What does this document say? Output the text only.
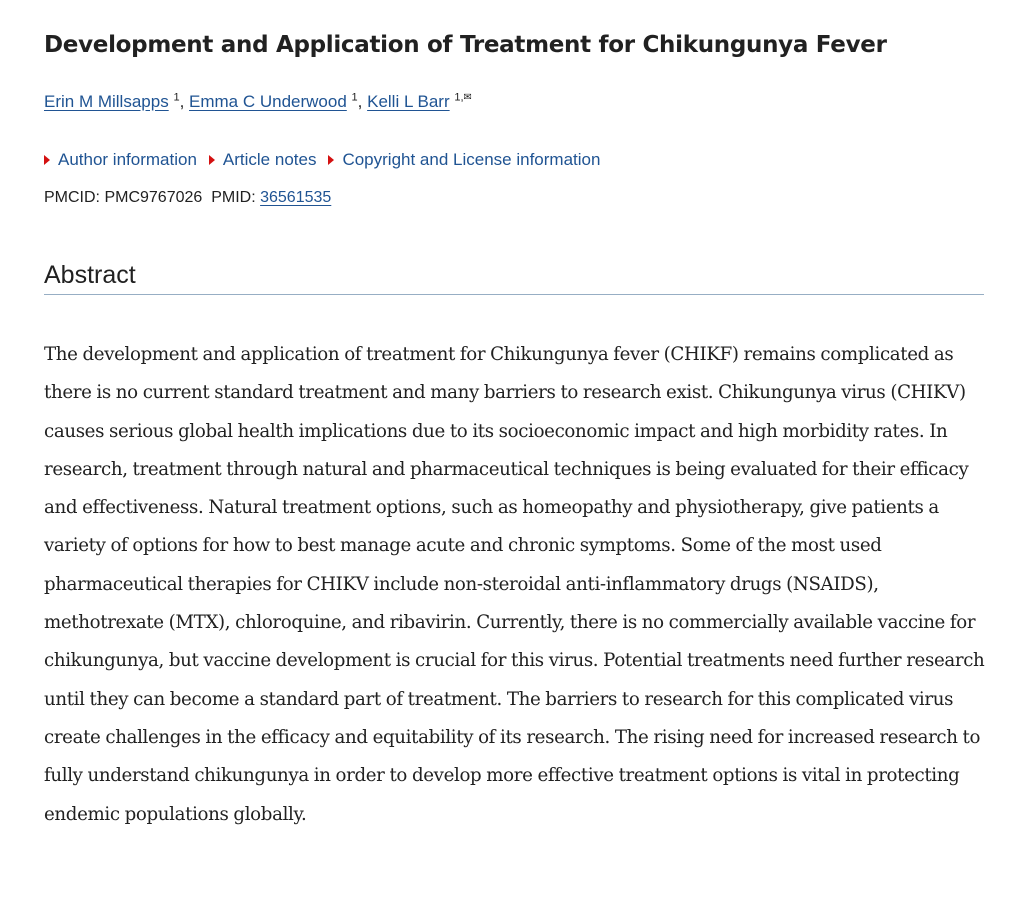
Development and Application of Treatment for Chikungunya Fever
Erin M Millsapps $^1$, Emma C Underwood $^1$, Kelli L Barr $^{1,}$✉
Author information Article notes Copyright and License information
PMCID: PMC9767026 PMID: 36561535
Abstract

The development and application of treatment for Chikungunya fever (CHIKF) remains complicated as there is no current standard treatment and many barriers to research exist. Chikungunya virus (CHIKV) causes serious global health implications due to its socioeconomic impact and high morbidity rates. In research, treatment through natural and pharmaceutical techniques is being evaluated for their efficacy and effectiveness. Natural treatment options, such as homeopathy and physiotherapy, give patients a variety of options for how to best manage acute and chronic symptoms. Some of the most used pharmaceutical therapies for CHIKV include non-steroidal anti-inflammatory drugs (NSAIDS), methotrexate (MTX), chloroquine, and ribavirin. Currently, there is no commercially available vaccine for chikungunya, but vaccine development is crucial for this virus. Potential treatments need further research until they can become a standard part of treatment. The barriers to research for this complicated virus create challenges in the efficacy and equitability of its research. The rising need for increased research to fully understand chikungunya in order to develop more effective treatment options is vital in protecting endemic populations globally.
